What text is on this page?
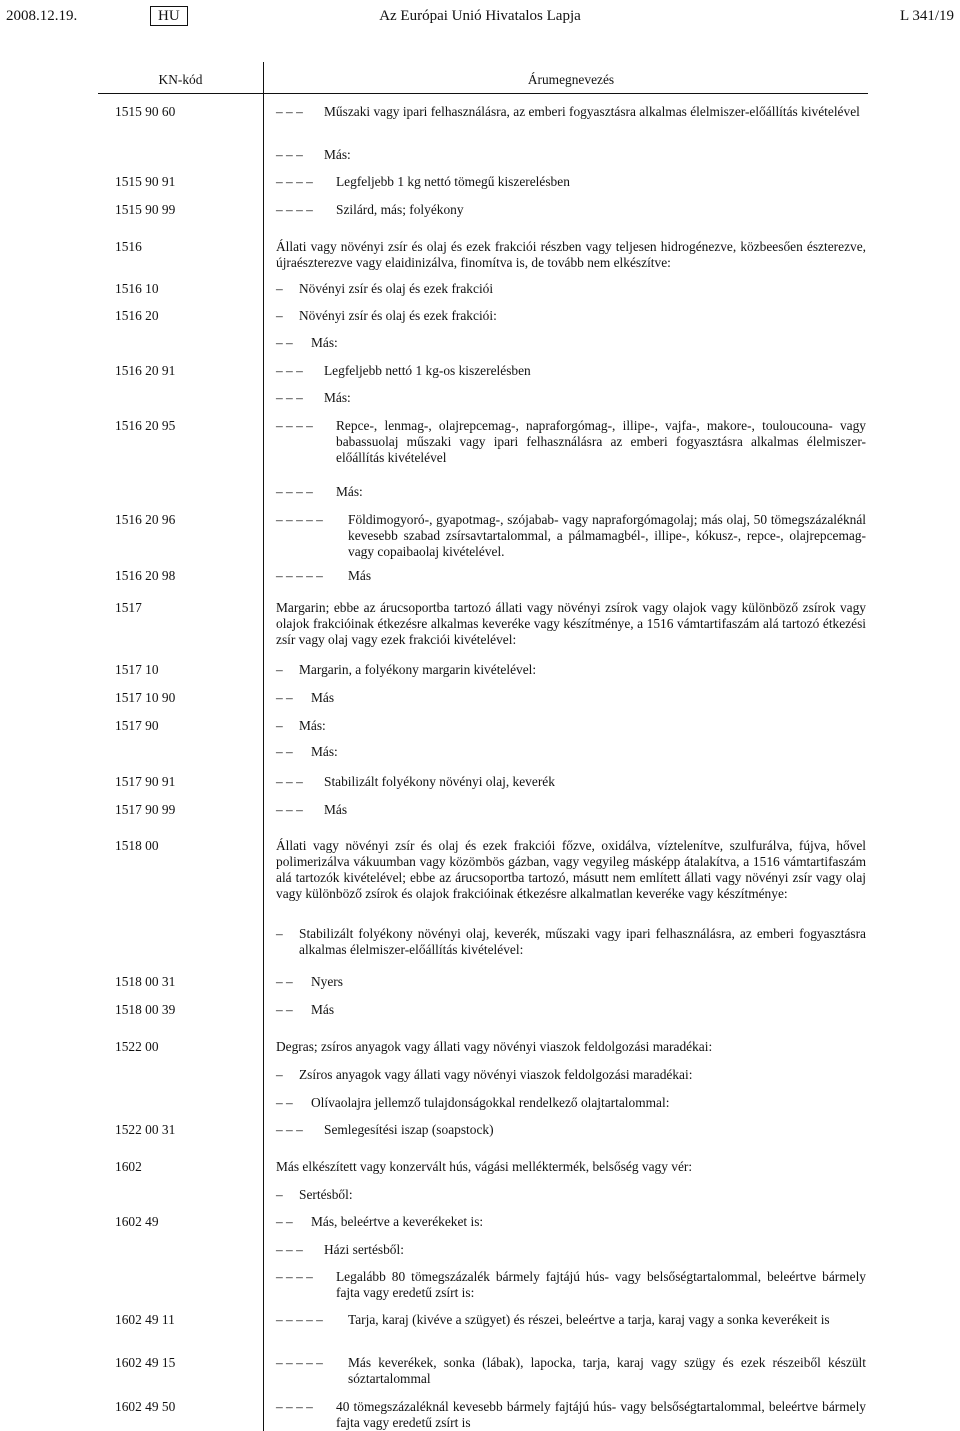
2008.12.19.	HU	Az Európai Unió Hivatalos Lapja	L 341/19
KN-kód	Árumegnevezés
1515 90 60	– – – Műszaki vagy ipari felhasználásra, az emberi fogyasztásra alkalmas élelmiszer-előállítás kivételével
– – – Más:
1515 90 91	– – – – Legfeljebb 1 kg nettó tömegű kiszerelésben
1515 90 99	– – – – Szilárd, más; folyékony
1516	Állati vagy növényi zsír és olaj és ezek frakciói részben vagy teljesen hidrogénezve, közbeesően észterezve, újraészterezve vagy elaidinizálva, finomítva is, de tovább nem elkészítve:
1516 10	– Növényi zsír és olaj és ezek frakciói
1516 20	– Növényi zsír és olaj és ezek frakciói:
– – Más:
1516 20 91	– – – Legfeljebb nettó 1 kg-os kiszerelésben
– – – Más:
1516 20 95	– – – – Repce-, lenmag-, olajrepcemag-, napraforgómag-, illipe-, vajfa-, makore-, touloucouna- vagy babassuolaj műszaki vagy ipari felhasználásra az emberi fogyasztásra alkalmas élelmiszer-előállítás kivételével
– – – – Más:
1516 20 96	– – – – – Földimogyoró-, gyapotmag-, szójabab- vagy napraforgómagolaj; más olaj, 50 tömegszázaléknál kevesebb szabad zsírsavtartalommal, a pálmamagbél-, illipe-, kókusz-, repce-, olajrepcemag- vagy copaibaolaj kivételével.
1516 20 98	– – – – – Más
1517	Margarin; ebbe az árucsoportba tartozó állati vagy növényi zsírok vagy olajok vagy különböző zsírok vagy olajok frakcióinak étkezésre alkalmas keveréke vagy készítménye, a 1516 vámtartifaszám alá tartozó étkezési zsír vagy olaj vagy ezek frakciói kivételével:
1517 10	– Margarin, a folyékony margarin kivételével:
1517 10 90	– – Más
1517 90	– Más:
– – Más:
1517 90 91	– – – Stabilizált folyékony növényi olaj, keverék
1517 90 99	– – – Más
1518 00	Állati vagy növényi zsír és olaj és ezek frakciói főzve, oxidálva, víztelenítve, szulfurálva, fújva, hővel polimerizálva vákuumban vagy közömbös gázban, vagy vegyileg másképp átalakítva, a 1516 vámtartifaszám alá tartozók kivételével; ebbe az árucsoportba tartozó, másutt nem említett állati vagy növényi zsír vagy olaj vagy különböző zsírok és olajok frakcióinak étkezésre alkalmatlan keveréke vagy készítménye:
– Stabilizált folyékony növényi olaj, keverék, műszaki vagy ipari felhasználásra, az emberi fogyasztásra alkalmas élelmiszer-előállítás kivételével:
1518 00 31	– – Nyers
1518 00 39	– – Más
1522 00	Degras; zsíros anyagok vagy állati vagy növényi viaszok feldolgozási maradékai:
– Zsíros anyagok vagy állati vagy növényi viaszok feldolgozási maradékai:
– – Olívaolajra jellemző tulajdonságokkal rendelkező olajtartalommal:
1522 00 31	– – – Semlegesítési iszap (soapstock)
1602	Más elkészített vagy konzervált hús, vágási melléktermék, belsőség vagy vér:
– Sertésből:
1602 49	– – Más, beleértve a keverékeket is:
– – – Házi sertésből:
– – – – Legalább 80 tömegszázalék bármely fajtájú hús- vagy belsőségtartalommal, beleértve bármely fajta vagy eredetű zsírt is:
1602 49 11	– – – – – Tarja, karaj (kivéve a szügyet) és részei, beleértve a tarja, karaj vagy a sonka keverékeit is
1602 49 15	– – – – – Más keverékek, sonka (lábak), lapocka, tarja, karaj vagy szügy és ezek részeiből készült sóztartalommal
1602 49 50	– – – – 40 tömegszázaléknál kevesebb bármely fajtájú hús- vagy belsőségtartalommal, beleértve bármely fajta vagy eredetű zsírt is
